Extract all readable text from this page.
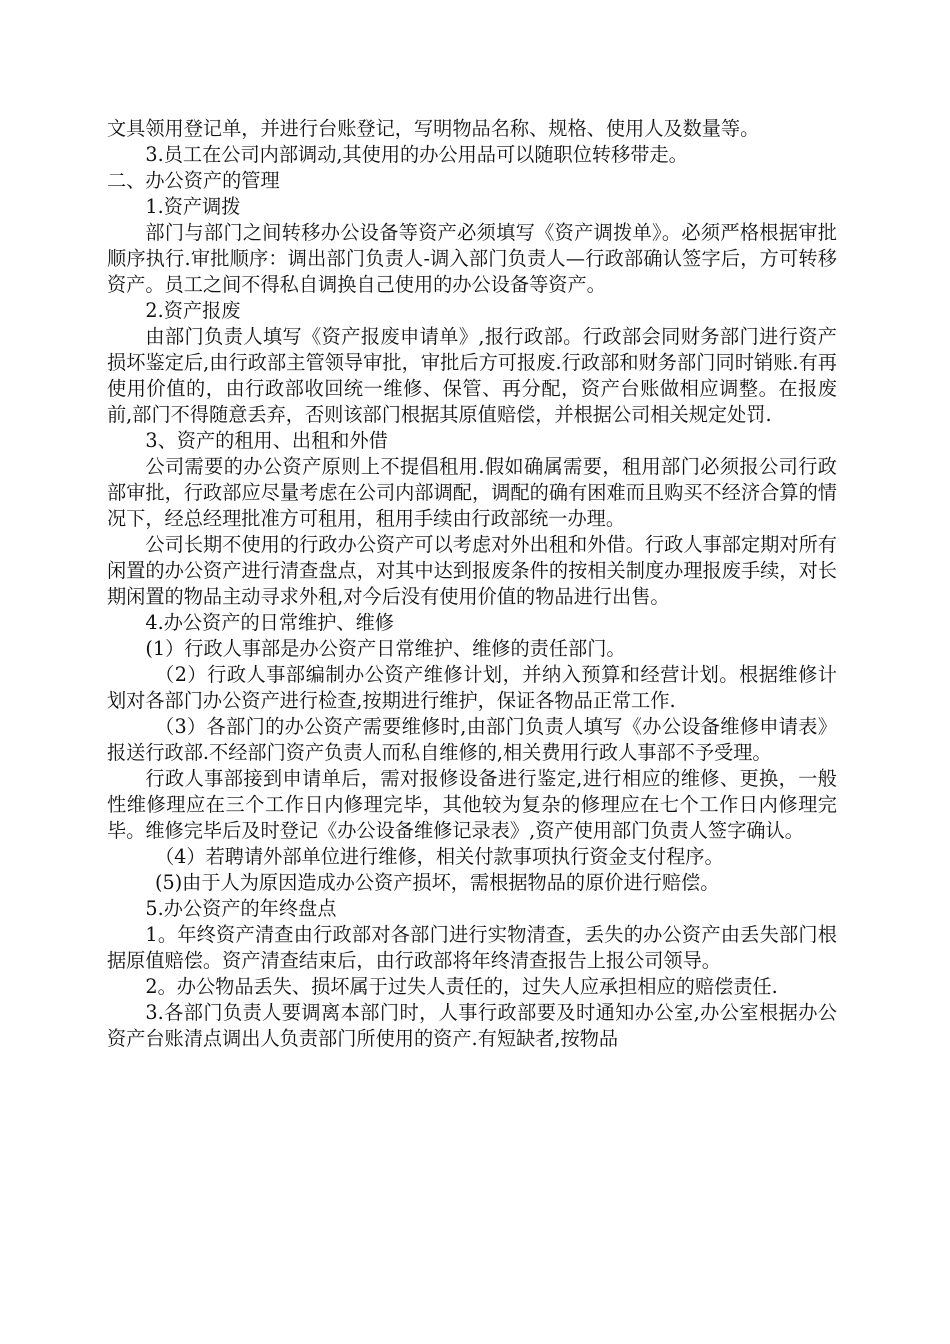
文具领用登记单，并进行台账登记，写明物品名称、规格、使用人及数量等。

3.员工在公司内部调动,其使用的办公用品可以随职位转移带走。

二、办公资产的管理

1.资产调拨

部门与部门之间转移办公设备等资产必须填写《资产调拨单》。必须严格根据审批顺序执行.审批顺序：调出部门负责人-调入部门负责人—行政部确认签字后，方可转移资产。员工之间不得私自调换自己使用的办公设备等资产。

2.资产报废

由部门负责人填写《资产报废申请单》,报行政部。行政部会同财务部门进行资产损坏鉴定后,由行政部主管领导审批，审批后方可报废.行政部和财务部门同时销账.有再使用价值的，由行政部收回统一维修、保管、再分配，资产台账做相应调整。在报废前,部门不得随意丢弃，否则该部门根据其原值赔偿，并根据公司相关规定处罚.

3、资产的租用、出租和外借

公司需要的办公资产原则上不提倡租用.假如确属需要，租用部门必须报公司行政部审批，行政部应尽量考虑在公司内部调配，调配的确有困难而且购买不经济合算的情况下，经总经理批准方可租用，租用手续由行政部统一办理。

公司长期不使用的行政办公资产可以考虑对外出租和外借。行政人事部定期对所有闲置的办公资产进行清查盘点，对其中达到报废条件的按相关制度办理报废手续，对长期闲置的物品主动寻求外租,对今后没有使用价值的物品进行出售。

4.办公资产的日常维护、维修

(1）行政人事部是办公资产日常维护、维修的责任部门。

（2）行政人事部编制办公资产维修计划，并纳入预算和经营计划。根据维修计划对各部门办公资产进行检查,按期进行维护，保证各物品正常工作.

（3）各部门的办公资产需要维修时,由部门负责人填写《办公设备维修申请表》报送行政部.不经部门资产负责人而私自维修的,相关费用行政人事部不予受理。

行政人事部接到申请单后，需对报修设备进行鉴定,进行相应的维修、更换，一般性维修理应在三个工作日内修理完毕，其他较为复杂的修理应在七个工作日内修理完毕。维修完毕后及时登记《办公设备维修记录表》,资产使用部门负责人签字确认。

（4）若聘请外部单位进行维修，相关付款事项执行资金支付程序。

(5)由于人为原因造成办公资产损坏，需根据物品的原价进行赔偿。

5.办公资产的年终盘点

1。年终资产清查由行政部对各部门进行实物清查，丢失的办公资产由丢失部门根据原值赔偿。资产清查结束后，由行政部将年终清查报告上报公司领导。

2。办公物品丢失、损坏属于过失人责任的，过失人应承担相应的赔偿责任.

3.各部门负责人要调离本部门时，人事行政部要及时通知办公室,办公室根据办公资产台账清点调出人负责部门所使用的资产.有短缺者,按物品
